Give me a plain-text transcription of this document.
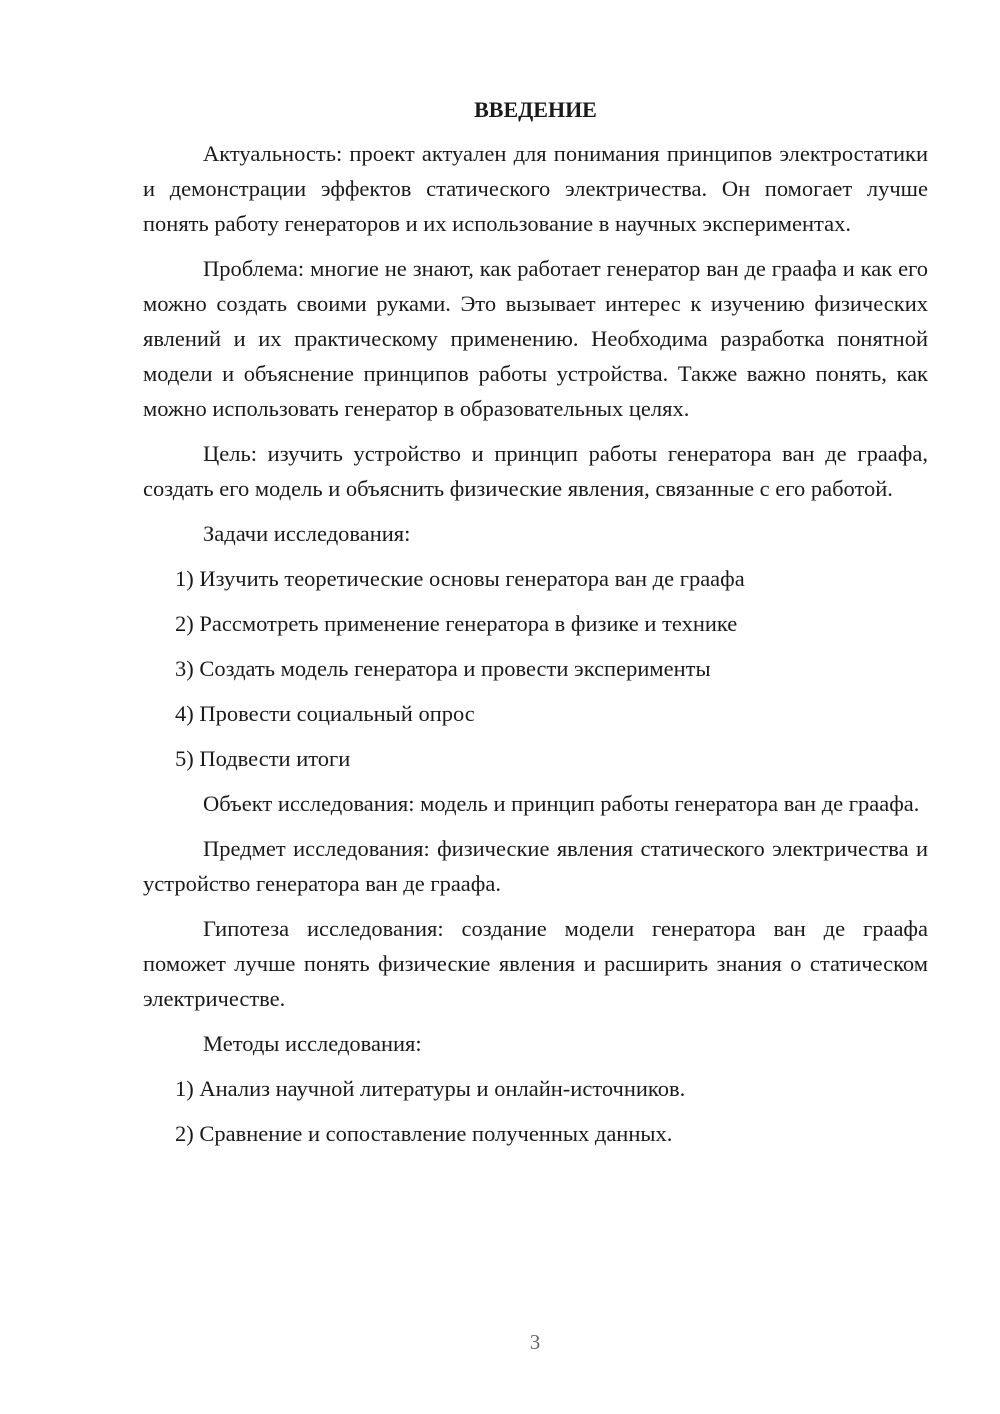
ВВЕДЕНИЕ

Актуальность: проект актуален для понимания принципов электростатики и демонстрации эффектов статического электричества. Он помогает лучше понять работу генераторов и их использование в научных экспериментах.

Проблема: многие не знают, как работает генератор ван де граафа и как его можно создать своими руками. Это вызывает интерес к изучению физических явлений и их практическому применению. Необходима разработка понятной модели и объяснение принципов работы устройства. Также важно понять, как можно использовать генератор в образовательных целях.

Цель: изучить устройство и принцип работы генератора ван де граафа, создать его модель и объяснить физические явления, связанные с его работой.

Задачи исследования:

1) Изучить теоретические основы генератора ван де граафа
2) Рассмотреть применение генератора в физике и технике
3) Создать модель генератора и провести эксперименты
4) Провести социальный опрос
5) Подвести итоги

Объект исследования: модель и принцип работы генератора ван де граафа.

Предмет исследования: физические явления статического электричества и устройство генератора ван де граафа.

Гипотеза исследования: создание модели генератора ван де граафа поможет лучше понять физические явления и расширить знания о статическом электричестве.

Методы исследования:

1) Анализ научной литературы и онлайн-источников.
2) Сравнение и сопоставление полученных данных.
3
